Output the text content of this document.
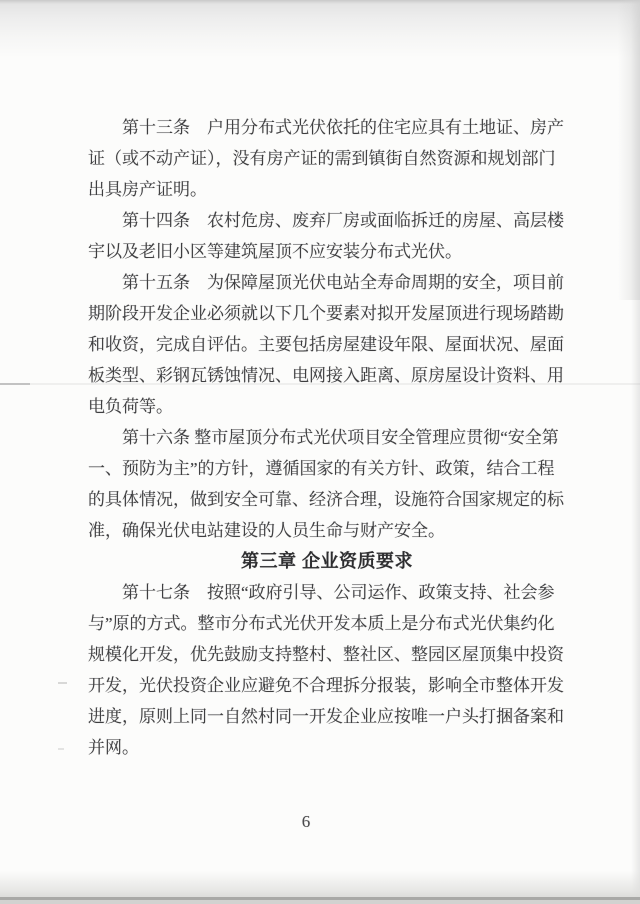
　　第十三条　户用分布式光伏依托的住宅应具有土地证、房产
证（或不动产证），没有房产证的需到镇街自然资源和规划部门
出具房产证明。
　　第十四条　农村危房、废弃厂房或面临拆迁的房屋、高层楼
宇以及老旧小区等建筑屋顶不应安装分布式光伏。
　　第十五条　为保障屋顶光伏电站全寿命周期的安全，项目前
期阶段开发企业必须就以下几个要素对拟开发屋顶进行现场踏勘
和收资，完成自评估。主要包括房屋建设年限、屋面状况、屋面
板类型、彩钢瓦锈蚀情况、电网接入距离、原房屋设计资料、用
电负荷等。
　　第十六条 整市屋顶分布式光伏项目安全管理应贯彻“安全第
一、预防为主”的方针，遵循国家的有关方针、政策，结合工程
的具体情况，做到安全可靠、经济合理，设施符合国家规定的标
准，确保光伏电站建设的人员生命与财产安全。
第三章 企业资质要求
　　第十七条　按照“政府引导、公司运作、政策支持、社会参
与”原的方式。整市分布式光伏开发本质上是分布式光伏集约化
规模化开发，优先鼓励支持整村、整社区、整园区屋顶集中投资
开发，光伏投资企业应避免不合理拆分报装，影响全市整体开发
进度，原则上同一自然村同一开发企业应按唯一户头打捆备案和
并网。
6
